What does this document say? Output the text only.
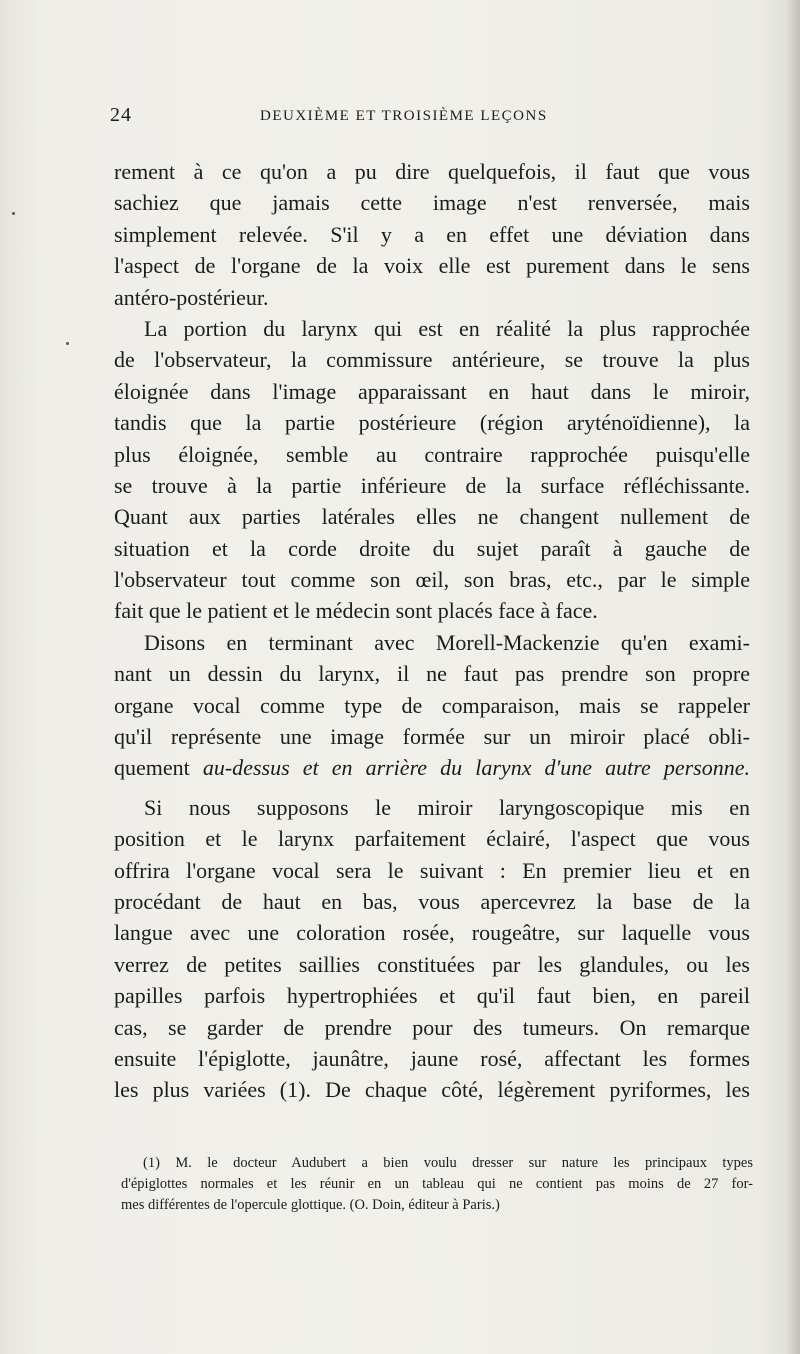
24	DEUXIÈME ET TROISIÈME LEÇONS
rement à ce qu'on a pu dire quelquefois, il faut que vous
sachiez que jamais cette image n'est renversée, mais
simplement relevée. S'il y a en effet une déviation dans
l'aspect de l'organe de la voix elle est purement dans le sens
antéro-postérieur.
La portion du larynx qui est en réalité la plus rapprochée
de l'observateur, la commissure antérieure, se trouve la plus
éloignée dans l'image apparaissant en haut dans le miroir,
tandis que la partie postérieure (région aryténoïdienne), la
plus éloignée, semble au contraire rapprochée puisqu'elle
se trouve à la partie inférieure de la surface réfléchissante.
Quant aux parties latérales elles ne changent nullement de
situation et la corde droite du sujet paraît à gauche de
l'observateur tout comme son œil, son bras, etc., par le simple
fait que le patient et le médecin sont placés face à face.
Disons en terminant avec Morell-Mackenzie qu'en exami-
nant un dessin du larynx, il ne faut pas prendre son propre
organe vocal comme type de comparaison, mais se rappeler
qu'il représente une image formée sur un miroir placé obli-
quement au-dessus et en arrière du larynx d'une autre personne.
Si nous supposons le miroir laryngoscopique mis en
position et le larynx parfaitement éclairé, l'aspect que vous
offrira l'organe vocal sera le suivant : En premier lieu et en
procédant de haut en bas, vous apercevrez la base de la
langue avec une coloration rosée, rougeâtre, sur laquelle vous
verrez de petites saillies constituées par les glandules, ou les
papilles parfois hypertrophiées et qu'il faut bien, en pareil
cas, se garder de prendre pour des tumeurs. On remarque
ensuite l'épiglotte, jaunâtre, jaune rosé, affectant les formes
les plus variées (1). De chaque côté, légèrement pyriformes, les
(1) M. le docteur Audubert a bien voulu dresser sur nature les principaux types
d'épiglottes normales et les réunir en un tableau qui ne contient pas moins de 27 for-
mes différentes de l'opercule glottique. (O. Doin, éditeur à Paris.)
